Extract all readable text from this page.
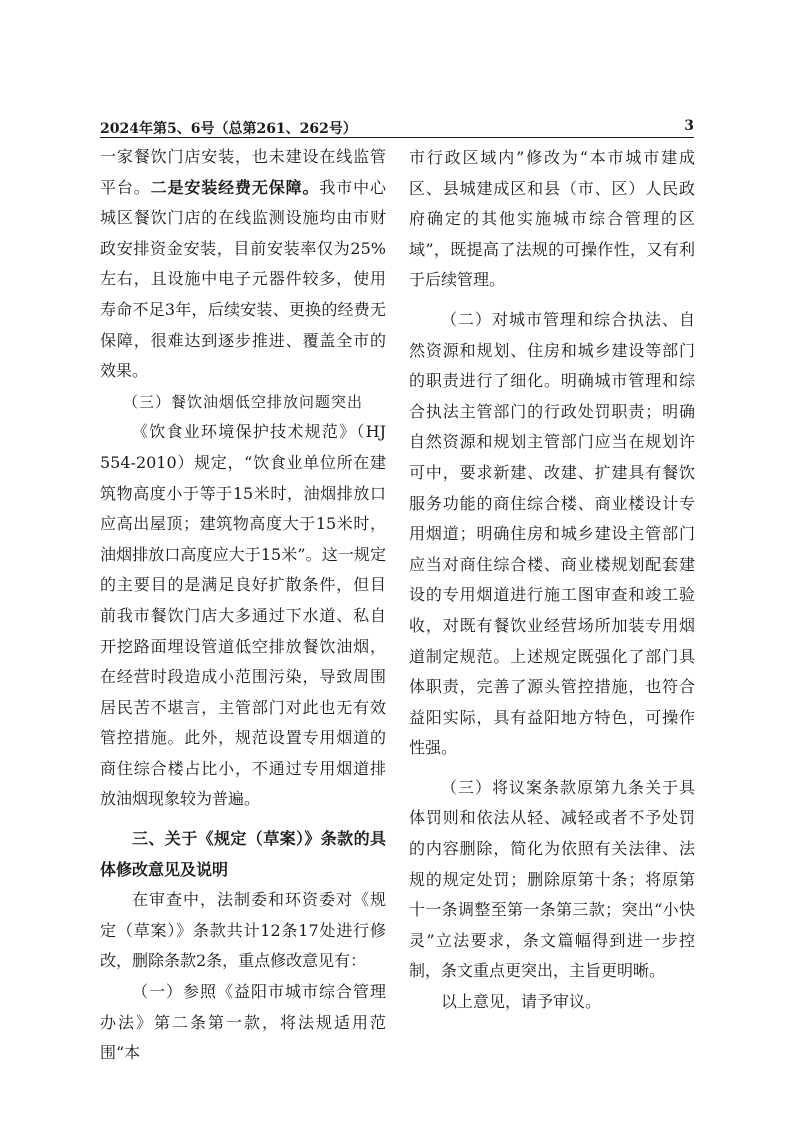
2024年第5、6号（总第261、262号）	3

一家餐饮门店安装，也未建设在线监管平台。二是安装经费无保障。我市中心城区餐饮门店的在线监测设施均由市财政安排资金安装，目前安装率仅为25%左右，且设施中电子元器件较多，使用寿命不足3年，后续安装、更换的经费无保障，很难达到逐步推进、覆盖全市的效果。

（三）餐饮油烟低空排放问题突出

《饮食业环境保护技术规范》（HJ 554-2010）规定，“饮食业单位所在建筑物高度小于等于15米时，油烟排放口应高出屋顶；建筑物高度大于15米时，油烟排放口高度应大于15米”。这一规定的主要目的是满足良好扩散条件，但目前我市餐饮门店大多通过下水道、私自开挖路面埋设管道低空排放餐饮油烟，在经营时段造成小范围污染，导致周围居民苦不堪言，主管部门对此也无有效管控措施。此外，规范设置专用烟道的商住综合楼占比小，不通过专用烟道排放油烟现象较为普遍。

三、关于《规定（草案）》条款的具体修改意见及说明

在审查中，法制委和环资委对《规定（草案）》条款共计12条17处进行修改，删除条款2条，重点修改意见有：

（一）参照《益阳市城市综合管理办法》第二条第一款，将法规适用范围“本

市行政区域内”修改为“本市城市建成区、县城建成区和县（市、区）人民政府确定的其他实施城市综合管理的区域”，既提高了法规的可操作性，又有利于后续管理。

（二）对城市管理和综合执法、自然资源和规划、住房和城乡建设等部门的职责进行了细化。明确城市管理和综合执法主管部门的行政处罚职责；明确自然资源和规划主管部门应当在规划许可中，要求新建、改建、扩建具有餐饮服务功能的商住综合楼、商业楼设计专用烟道；明确住房和城乡建设主管部门应当对商住综合楼、商业楼规划配套建设的专用烟道进行施工图审查和竣工验收，对既有餐饮业经营场所加装专用烟道制定规范。上述规定既强化了部门具体职责，完善了源头管控措施，也符合益阳实际，具有益阳地方特色，可操作性强。

（三）将议案条款原第九条关于具体罚则和依法从轻、减轻或者不予处罚的内容删除，简化为依照有关法律、法规的规定处罚；删除原第十条；将原第十一条调整至第一条第三款；突出“小快灵”立法要求，条文篇幅得到进一步控制，条文重点更突出，主旨更明晰。

以上意见，请予审议。
